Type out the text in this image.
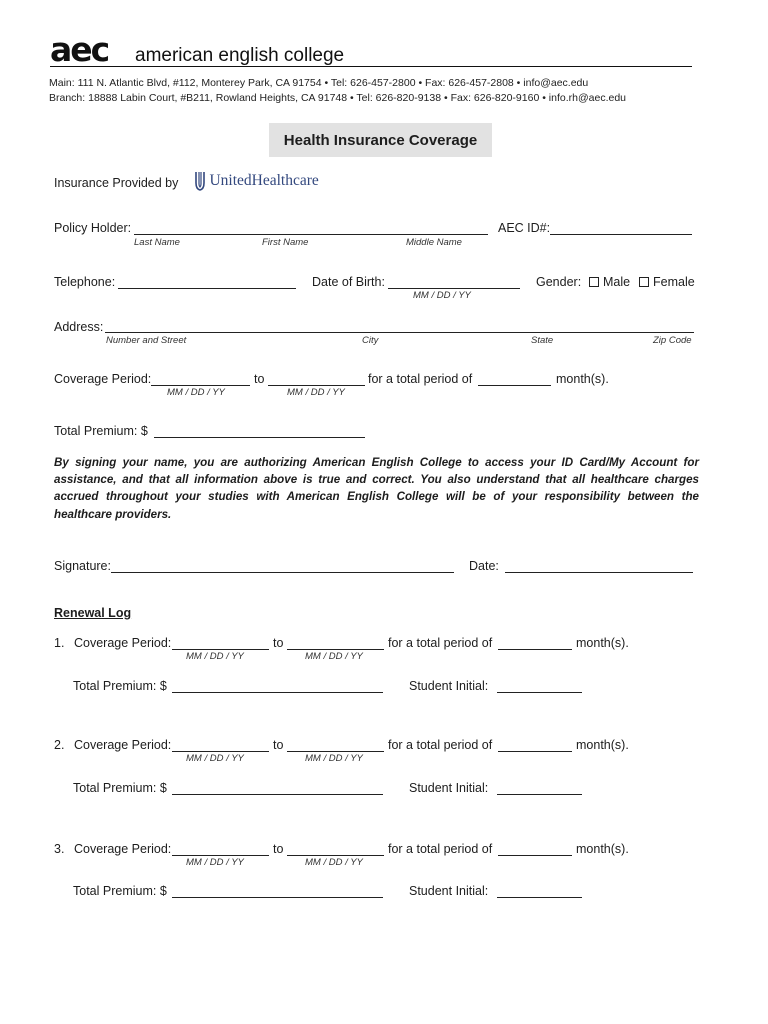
aec american english college
Main: 111 N. Atlantic Blvd, #112, Monterey Park, CA 91754 • Tel: 626-457-2800 • Fax: 626-457-2808 • info@aec.edu
Branch: 18888 Labin Court, #B211, Rowland Heights, CA 91748 • Tel: 626-820-9138 • Fax: 626-820-9160 • info.rh@aec.edu
Health Insurance Coverage
Insurance Provided by	UnitedHealthcare
Policy Holder:
Last Name	First Name	Middle Name
AEC ID#:
Telephone:	Date of Birth:
MM / DD / YY
Gender:	Male	Female
Address:
Number and Street	City	State	Zip Code
Coverage Period:
MM / DD / YY
to
MM / DD / YY
for a total period of	month(s).
Total Premium: $
By signing your name, you are authorizing American English College to access your ID Card/My Account for assistance, and that all information above is true and correct. You also understand that all healthcare charges accrued throughout your studies with American English College will be of your responsibility between the healthcare providers.
Signature:	Date:
Renewal Log
1. Coverage Period:
MM / DD / YY
to
MM / DD / YY
for a total period of	month(s).
Total Premium: $	Student Initial:
2. Coverage Period:
MM / DD / YY
to
MM / DD / YY
for a total period of	month(s).
Total Premium: $	Student Initial:
3. Coverage Period:
MM / DD / YY
to
MM / DD / YY
for a total period of	month(s).
Total Premium: $	Student Initial:
